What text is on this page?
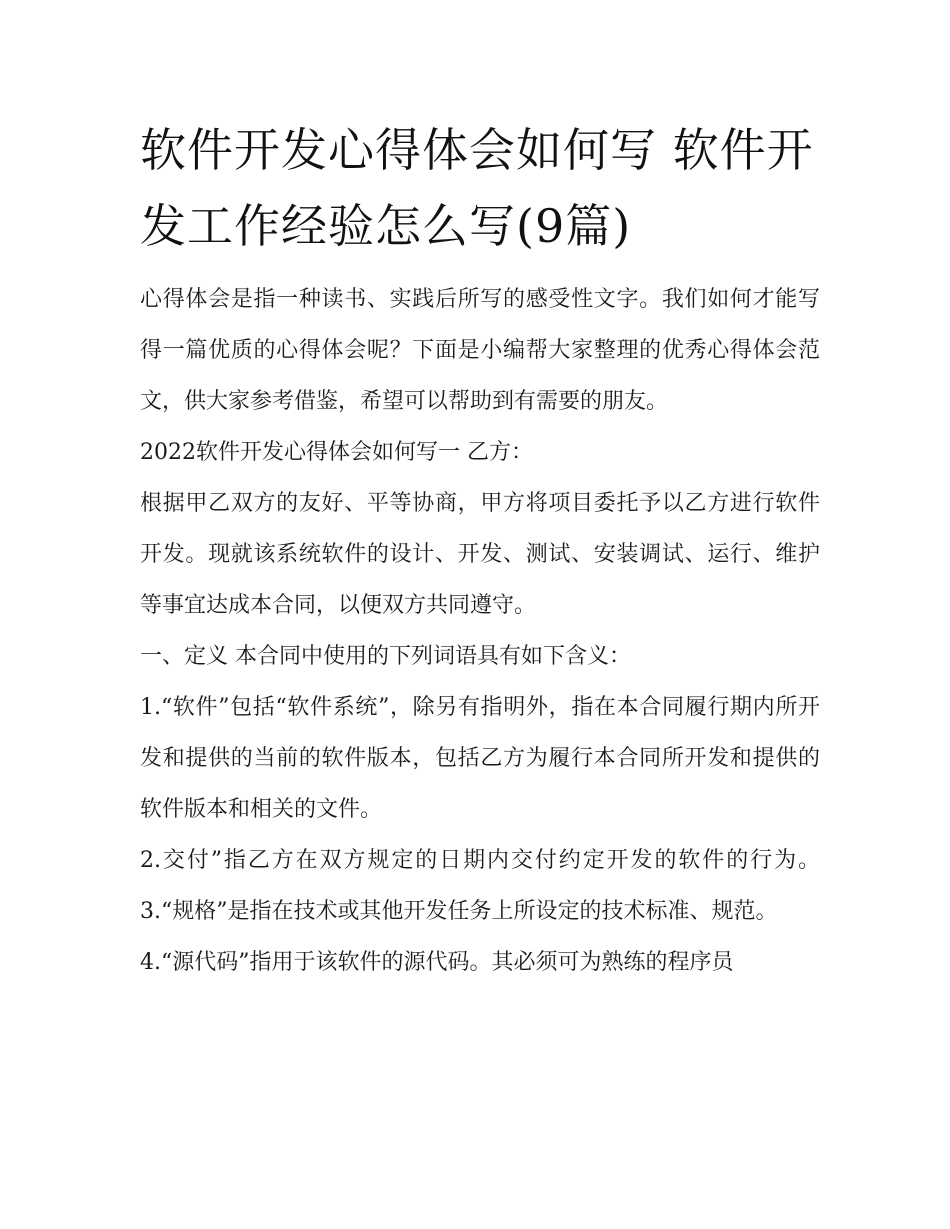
软件开发心得体会如何写 软件开发工作经验怎么写(9篇)

心得体会是指一种读书、实践后所写的感受性文字。我们如何才能写得一篇优质的心得体会呢？下面是小编帮大家整理的优秀心得体会范文，供大家参考借鉴，希望可以帮助到有需要的朋友。

2022软件开发心得体会如何写一 乙方：

根据甲乙双方的友好、平等协商，甲方将项目委托予以乙方进行软件开发。现就该系统软件的设计、开发、测试、安装调试、运行、维护等事宜达成本合同，以便双方共同遵守。

一、定义 本合同中使用的下列词语具有如下含义：

1.“软件”包括“软件系统”，除另有指明外，指在本合同履行期内所开发和提供的当前的软件版本，包括乙方为履行本合同所开发和提供的软件版本和相关的文件。

2.交付”指乙方在双方规定的日期内交付约定开发的软件的行为。 3.“规格”是指在技术或其他开发任务上所设定的技术标准、规范。

4.“源代码”指用于该软件的源代码。其必须可为熟练的程序员
